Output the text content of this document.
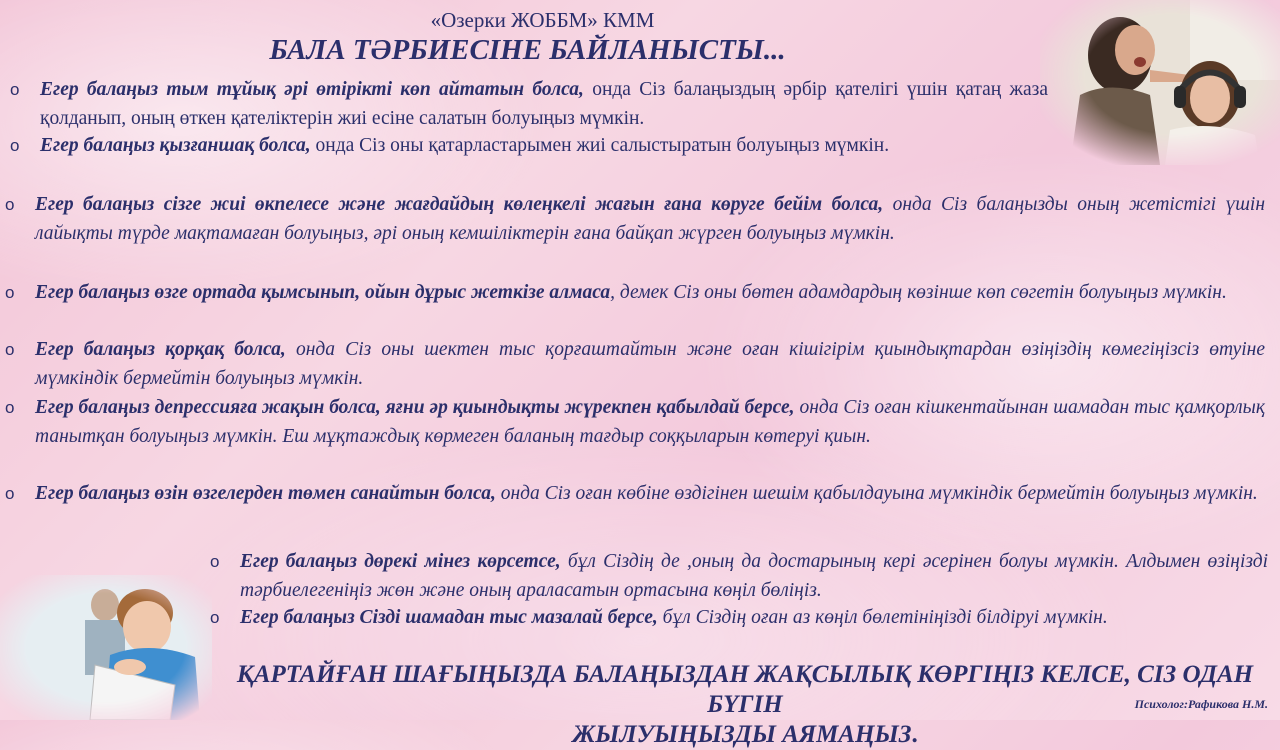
«Озерки ЖОББМ» КММ
БАЛА ТӘРБИЕСІНЕ БАЙЛАНЫСТЫ...
o Егер балаңыз тым тұйық әрі өтірікті көп айтатын болса, онда Сіз балаңыздың әрбір қателігі үшін қатаң жаза қолданып, оның өткен қателіктерін жиі есіне салатын болуыңыз мүмкін.
o Егер балаңыз қызғаншақ болса, онда Сіз оны қатарластарымен жиі салыстыратын болуыңыз мүмкін.
o Егер балаңыз сізге жиі өкпелесе және жағдайдың көлеңкелі жағын ғана көруге бейім болса, онда Сіз балаңызды оның жетістігі үшін лайықты түрде мақтамаған болуыңыз, әрі оның кемшіліктерін ғана байқап жүрген болуыңыз мүмкін.
o Егер балаңыз өзге ортада қымсынып, ойын дұрыс жеткізе алмаса, демек Сіз оны бөтен адамдардың көзінше көп сөгетін болуыңыз мүмкін.
o Егер балаңыз қорқақ болса, онда Сіз оны шектен тыс қорғаштайтын және оған кішігірім қиындықтардан өзіңіздің көмегіңізсіз өтуіне мүмкіндік бермейтін болуыңыз мүмкін.
o Егер балаңыз депрессияға жақын болса, яғни әр қиындықты жүрекпен қабылдай берсе, онда Сіз оған кішкентайынан шамадан тыс қамқорлық танытқан болуыңыз мүмкін. Еш мұқтаждық көрмеген баланың тағдыр соққыларын көтеруі қиын.
o Егер балаңыз өзін өзгелерден төмен санайтын болса, онда Сіз оған көбіне өздігінен шешім қабылдауына мүмкіндік бермейтін болуыңыз мүмкін.
o Егер балаңыз дөрекі мінез көрсетсе, бұл Сіздің де ,оның да достарының кері әсерінен болуы мүмкін. Алдымен өзіңізді тәрбиелегеніңіз жөн және оның араласатын ортасына көңіл бөліңіз.
o Егер балаңыз Сізді шамадан тыс мазалай берсе, бұл Сіздің оған аз көңіл бөлетініңізді білдіруі мүмкін.
ҚАРТАЙҒАН ШАҒЫҢЫЗДА БАЛАҢЫЗДАН ЖАҚСЫЛЫҚ КӨРГІҢІЗ КЕЛСЕ, СІЗ ОДАН БҮГІН
ЖЫЛУЫҢЫЗДЫ АЯМАҢЫЗ.
Психолог:Рафикова Н.М.
